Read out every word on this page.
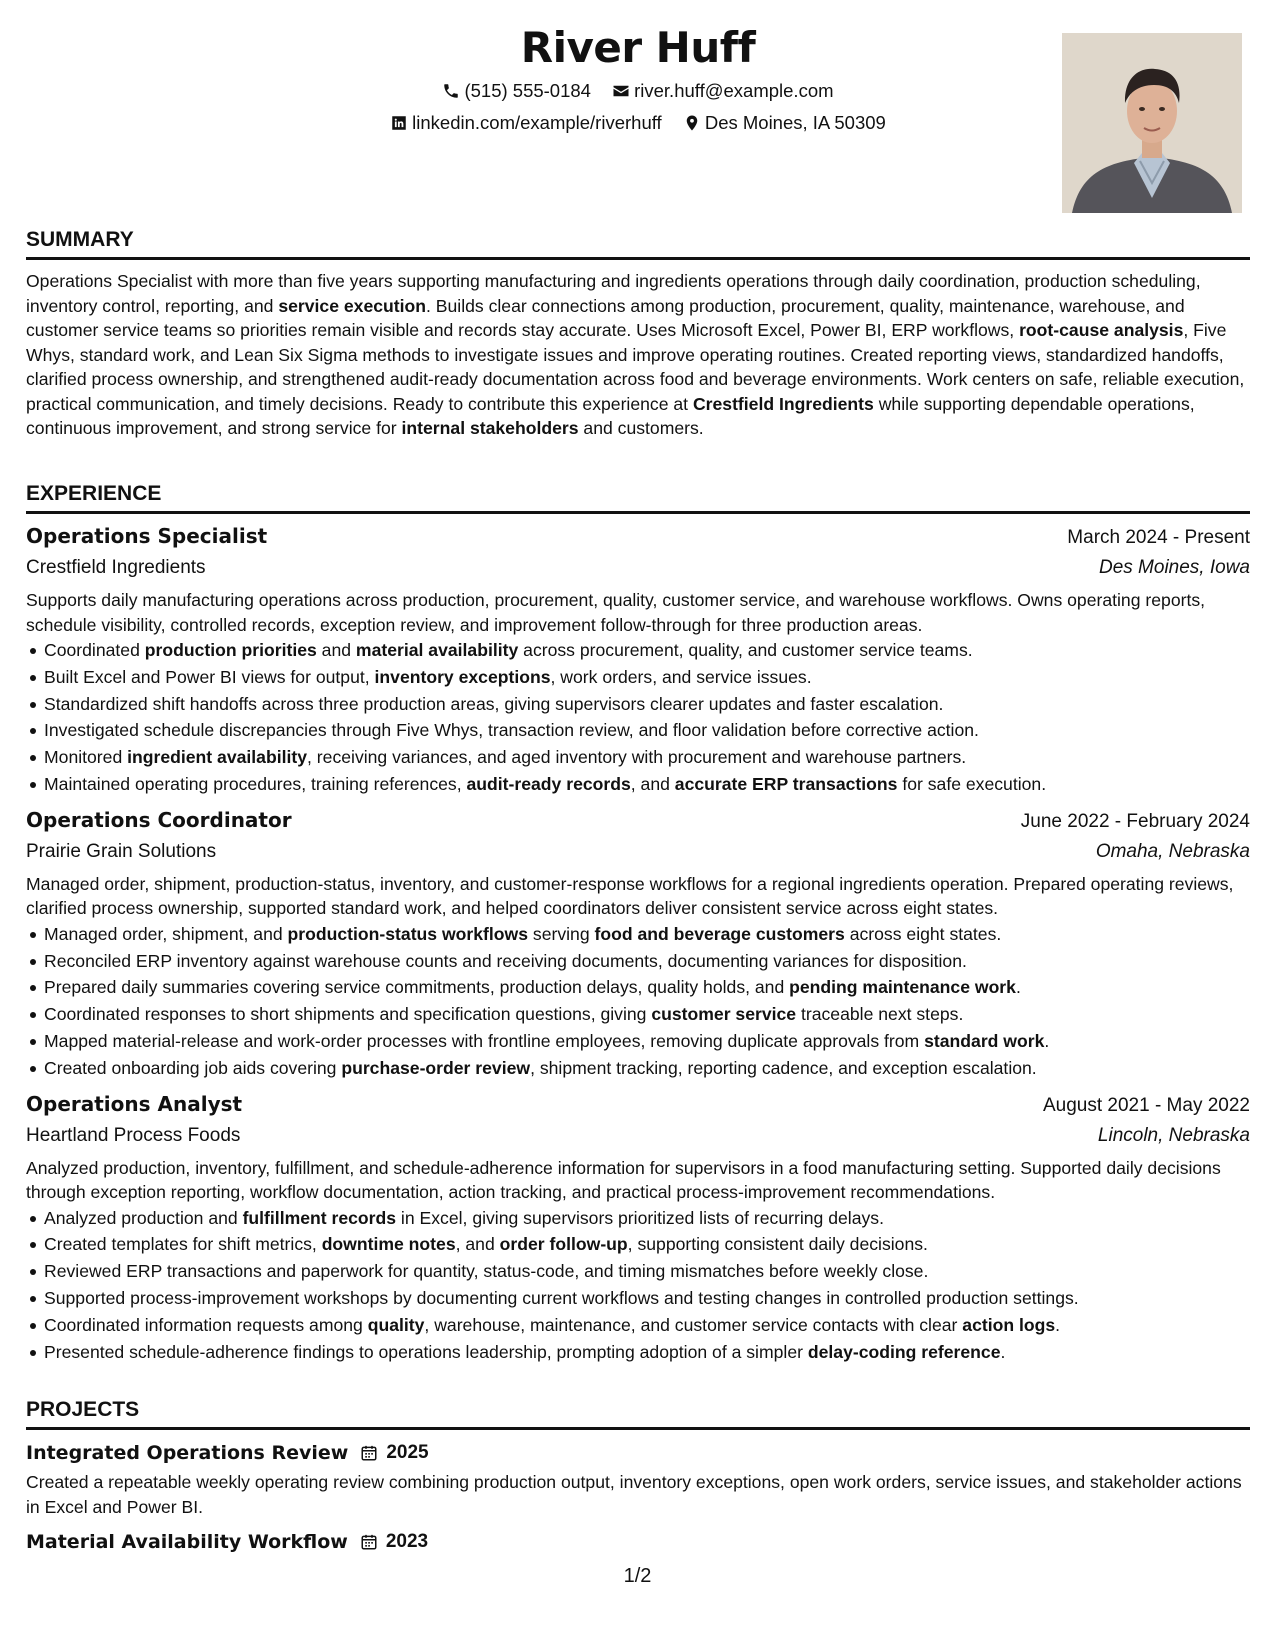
River Huff
(515) 555-0184
river.huff@example.com
linkedin.com/example/riverhuff
Des Moines, IA 50309
SUMMARY

Operations Specialist with more than five years supporting manufacturing and ingredients operations through daily coordination, production scheduling, inventory control, reporting, and service execution. Builds clear connections among production, procurement, quality, maintenance, warehouse, and customer service teams so priorities remain visible and records stay accurate. Uses Microsoft Excel, Power BI, ERP workflows, root-cause analysis, Five Whys, standard work, and Lean Six Sigma methods to investigate issues and improve operating routines. Created reporting views, standardized handoffs, clarified process ownership, and strengthened audit-ready documentation across food and beverage environments. Work centers on safe, reliable execution, practical communication, and timely decisions. Ready to contribute this experience at Crestfield Ingredients while supporting dependable operations, continuous improvement, and strong service for internal stakeholders and customers.

EXPERIENCE
Operations Specialist	March 2024 - Present
Crestfield Ingredients	Des Moines, Iowa

Supports daily manufacturing operations across production, procurement, quality, customer service, and warehouse workflows. Owns operating reports, schedule visibility, controlled records, exception review, and improvement follow-through for three production areas.

Coordinated production priorities and material availability across procurement, quality, and customer service teams.
Built Excel and Power BI views for output, inventory exceptions, work orders, and service issues.
Standardized shift handoffs across three production areas, giving supervisors clearer updates and faster escalation.
Investigated schedule discrepancies through Five Whys, transaction review, and floor validation before corrective action.
Monitored ingredient availability, receiving variances, and aged inventory with procurement and warehouse partners.
Maintained operating procedures, training references, audit-ready records, and accurate ERP transactions for safe execution.
Operations Coordinator	June 2022 - February 2024
Prairie Grain Solutions	Omaha, Nebraska

Managed order, shipment, production-status, inventory, and customer-response workflows for a regional ingredients operation. Prepared operating reviews, clarified process ownership, supported standard work, and helped coordinators deliver consistent service across eight states.

Managed order, shipment, and production-status workflows serving food and beverage customers across eight states.
Reconciled ERP inventory against warehouse counts and receiving documents, documenting variances for disposition.
Prepared daily summaries covering service commitments, production delays, quality holds, and pending maintenance work.
Coordinated responses to short shipments and specification questions, giving customer service traceable next steps.
Mapped material-release and work-order processes with frontline employees, removing duplicate approvals from standard work.
Created onboarding job aids covering purchase-order review, shipment tracking, reporting cadence, and exception escalation.
Operations Analyst	August 2021 - May 2022
Heartland Process Foods	Lincoln, Nebraska

Analyzed production, inventory, fulfillment, and schedule-adherence information for supervisors in a food manufacturing setting. Supported daily decisions through exception reporting, workflow documentation, action tracking, and practical process-improvement recommendations.

Analyzed production and fulfillment records in Excel, giving supervisors prioritized lists of recurring delays.
Created templates for shift metrics, downtime notes, and order follow-up, supporting consistent daily decisions.
Reviewed ERP transactions and paperwork for quantity, status-code, and timing mismatches before weekly close.
Supported process-improvement workshops by documenting current workflows and testing changes in controlled production settings.
Coordinated information requests among quality, warehouse, maintenance, and customer service contacts with clear action logs.
Presented schedule-adherence findings to operations leadership, prompting adoption of a simpler delay-coding reference.
PROJECTS
Integrated Operations Review 2025

Created a repeatable weekly operating review combining production output, inventory exceptions, open work orders, service issues, and stakeholder actions in Excel and Power BI.

Material Availability Workflow 2023
1/2
